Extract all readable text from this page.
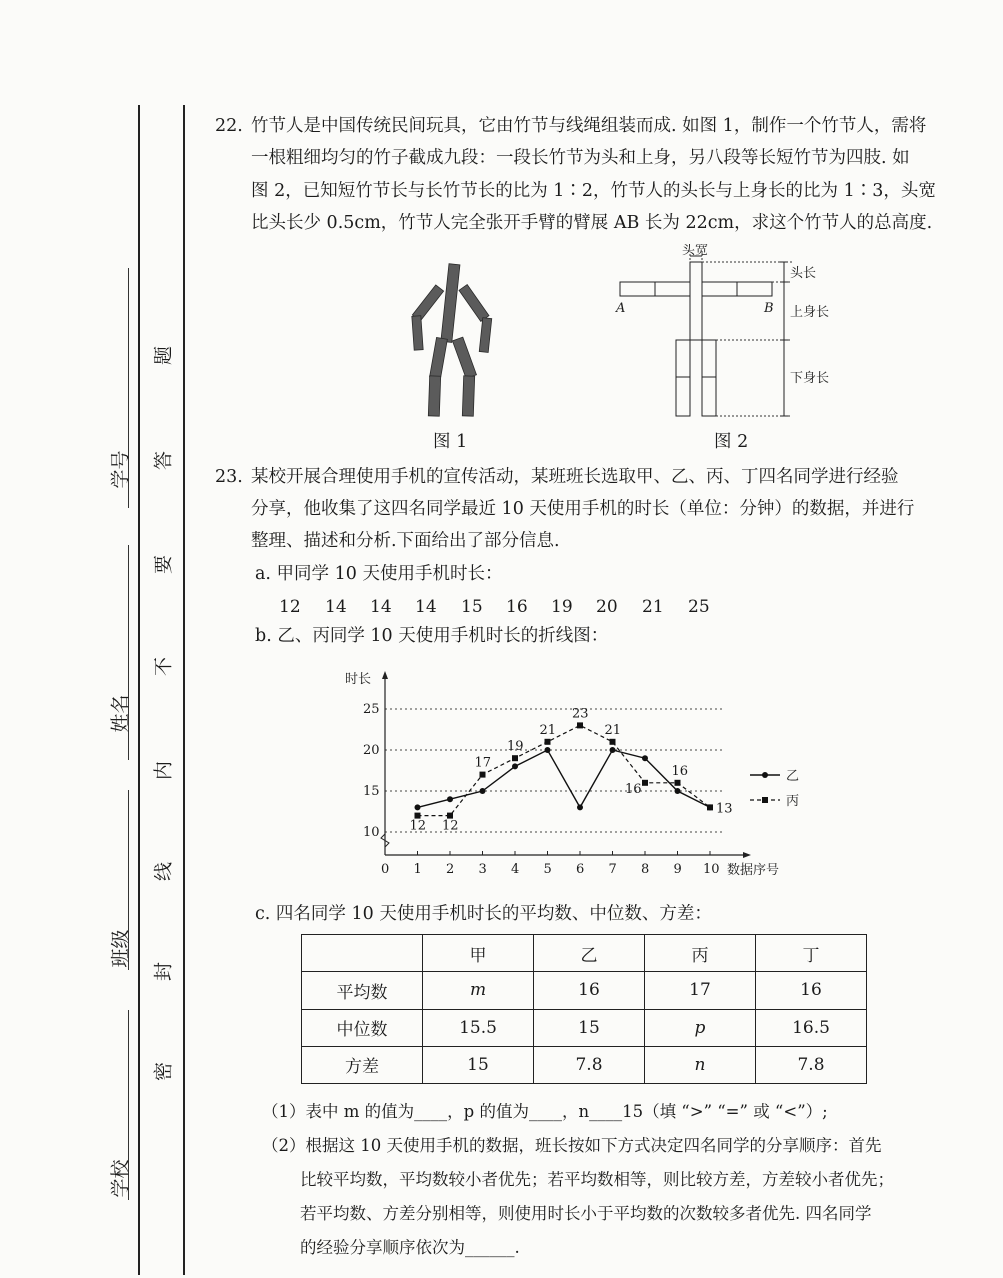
学号
姓名
班级
学校
题
答
要
不
内
线
封
密
22. 竹节人是中国传统民间玩具，它由竹节与线绳组装而成. 如图 1，制作一个竹节人，需将
一根粗细均匀的竹子截成九段：一段长竹节为头和上身，另八段等长短竹节为四肢. 如
图 2，已知短竹节长与长竹节长的比为 1∶2，竹节人的头长与上身长的比为 1∶3，头宽
比头长少 0.5cm，竹节人完全张开手臂的臂展 AB 长为 22cm，求这个竹节人的总高度.
图 1
头宽
头长
上身长
下身长
A	B
图 2
23. 某校开展合理使用手机的宣传活动，某班班长选取甲、乙、丙、丁四名同学进行经验
分享，他收集了这四名同学最近 10 天使用手机的时长（单位：分钟）的数据，并进行
整理、描述和分析.下面给出了部分信息.
a. 甲同学 10 天使用手机时长：
12 14 14 14 15 16 19 20 21 25
b. 乙、丙同学 10 天使用手机时长的折线图：
0 1 2 3 4 5 6 7 8 9 10
10
15
20
25
时长
数据序号
12 12
17
19
21
23
21
16
16
13
乙
丙
c. 四名同学 10 天使用手机时长的平均数、中位数、方差：
	甲	乙	丙	丁
平均数	m	16	17	16
中位数	15.5	15	p	16.5
方差	15	7.8	n	7.8
（1）表中 m 的值为____，p 的值为____，n____15（填 “>” “=” 或 “<”）;
（2）根据这 10 天使用手机的数据，班长按如下方式决定四名同学的分享顺序：首先
比较平均数，平均数较小者优先；若平均数相等，则比较方差，方差较小者优先；
若平均数、方差分别相等，则使用时长小于平均数的次数较多者优先. 四名同学
的经验分享顺序依次为______.
